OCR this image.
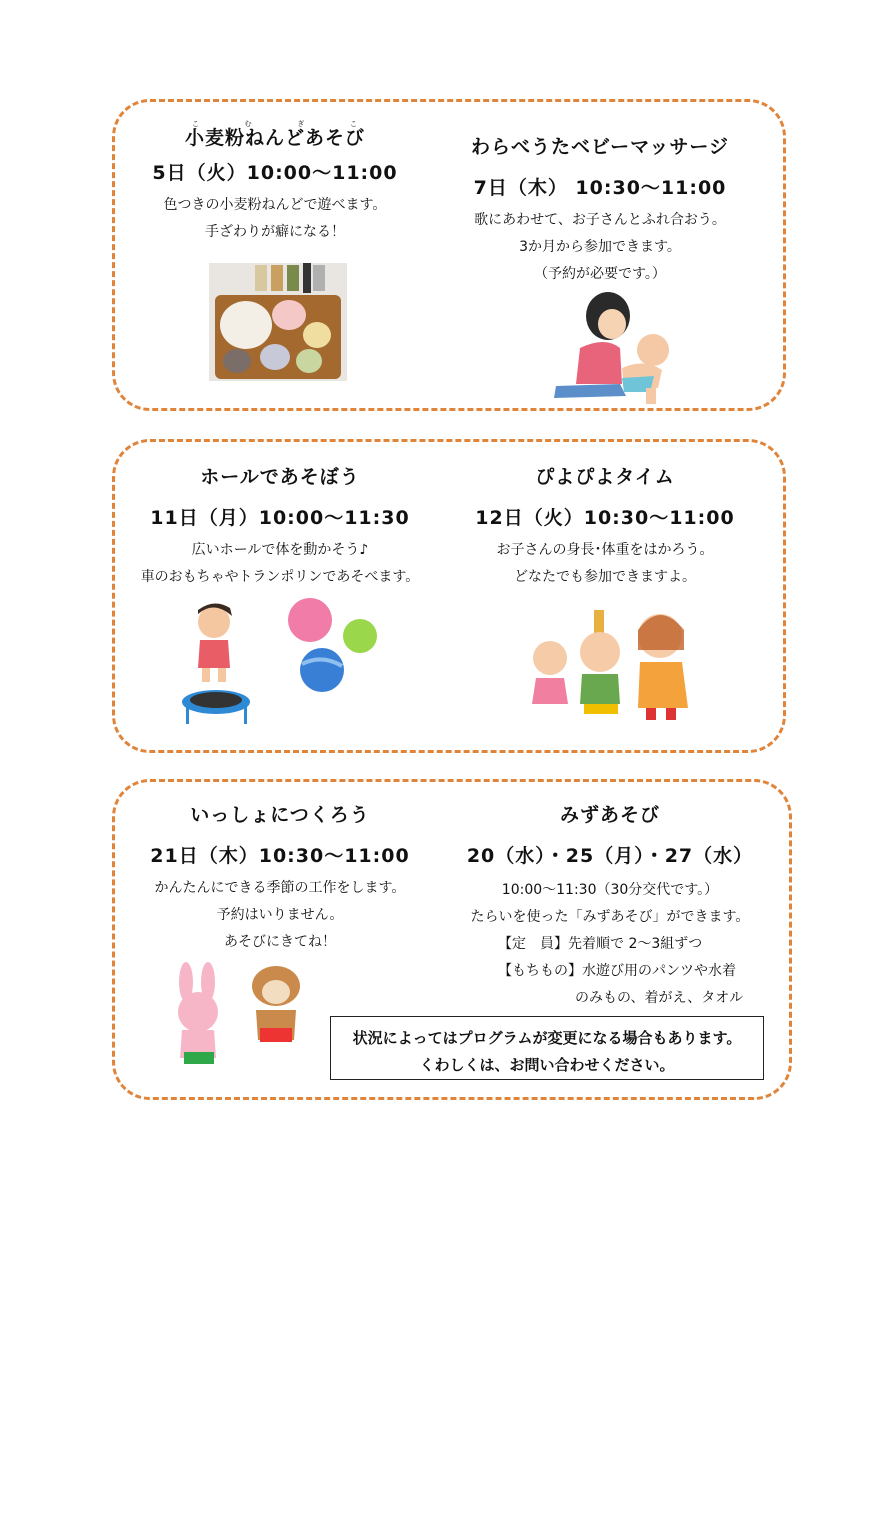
小麦粉ねんどあそびこむぎこ
5日（火）10:00～11:00
色つきの小麦粉ねんどで遊べます。
手ざわりが癖になる！
わらべうたベビーマッサージ
7日（木） 10:30～11:00
歌にあわせて、お子さんとふれ合おう。
3か月から参加できます。
（予約が必要です。）
ホールであそぼう
11日（月）10:00～11:30
広いホールで体を動かそう♪
車のおもちゃやトランポリンであそべます。
ぴよぴよタイム
12日（火）10:30～11:00
お子さんの身長･体重をはかろう。
どなたでも参加できますよ。
いっしょにつくろう
21日（木）10:30～11:00
かんたんにできる季節の工作をします。
予約はいりません。
あそびにきてね！
みずあそび
20（水）・25（月）・27（水）
10:00～11:30（30分交代です。）
たらいを使った「みずあそび」ができます。
【定　員】先着順で 2～3組ずつ
【もちもの】水遊び用のパンツや水着
のみもの、着がえ、タオル
状況によってはプログラムが変更になる場合もあります。
くわしくは、お問い合わせください。
